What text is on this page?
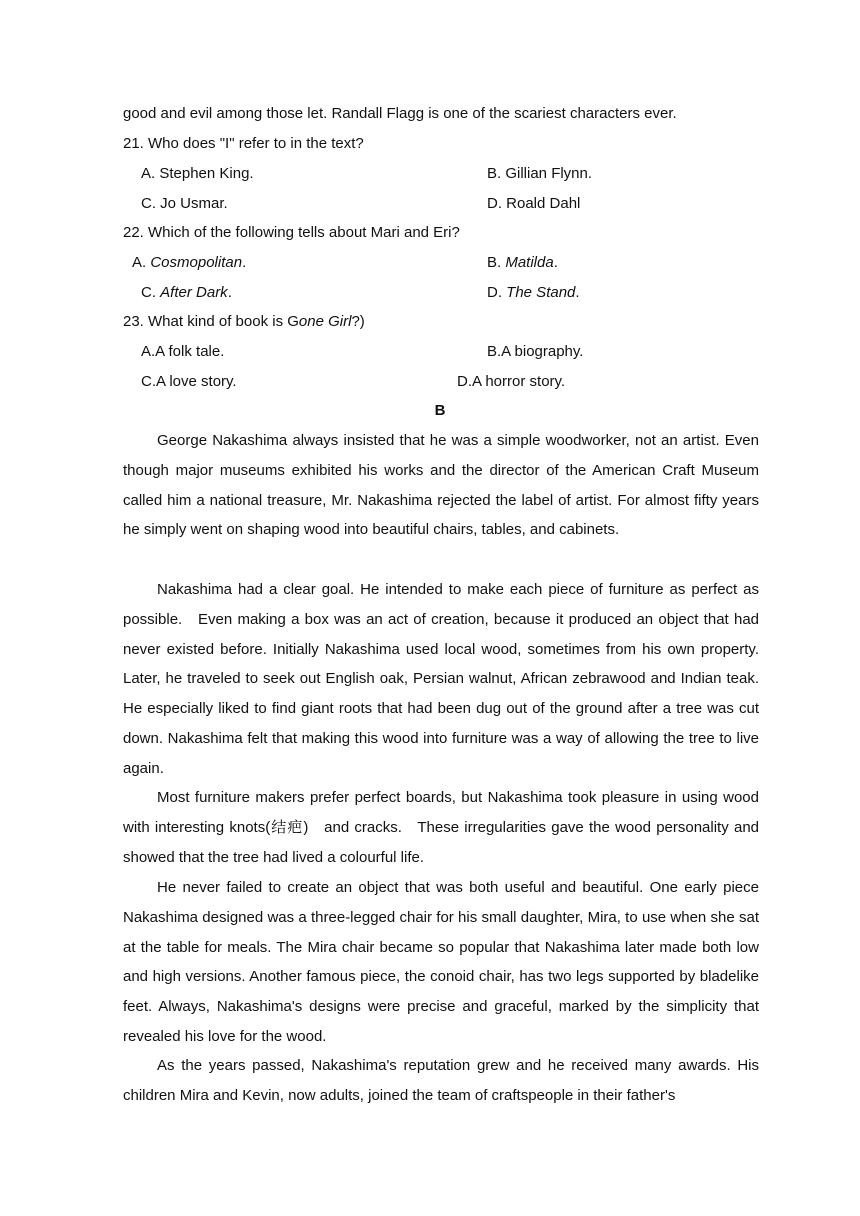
good and evil among those let. Randall Flagg is one of the scariest characters ever.
21. Who does "I" refer to in the text?
A. Stephen King.	B. Gillian Flynn.
C. Jo Usmar.	D. Roald Dahl
22. Which of the following tells about Mari and Eri?
A. Cosmopolitan.	B. Matilda.
C. After Dark.	D. The Stand.
23. What kind of book is Gone Girl?)
A.A folk tale.	B.A biography.
C.A love story.	D.A horror story.
B

George Nakashima always insisted that he was a simple woodworker, not an artist. Even though major museums exhibited his works and the director of the American Craft Museum called him a national treasure, Mr. Nakashima rejected the label of artist. For almost fifty years he simply went on shaping wood into beautiful chairs, tables, and cabinets.

Nakashima had a clear goal. He intended to make each piece of furniture as perfect as possible.   Even making a box was an act of creation, because it produced an object that had never existed before. Initially Nakashima used local wood, sometimes from his own property. Later, he traveled to seek out English oak, Persian walnut, African zebrawood and Indian teak. He especially liked to find giant roots that had been dug out of the ground after a tree was cut down. Nakashima felt that making this wood into furniture was a way of allowing the tree to live again.

Most furniture makers prefer perfect boards, but Nakashima took pleasure in using wood with interesting knots(结疤)   and cracks.   These irregularities gave the wood personality and showed that the tree had lived a colourful life.

He never failed to create an object that was both useful and beautiful. One early piece Nakashima designed was a three-legged chair for his small daughter, Mira, to use when she sat at the table for meals. The Mira chair became so popular that Nakashima later made both low and high versions. Another famous piece, the conoid chair, has two legs supported by bladelike feet. Always, Nakashima's designs were precise and graceful, marked by the simplicity that revealed his love for the wood.

As the years passed, Nakashima's reputation grew and he received many awards. His children Mira and Kevin, now adults, joined the team of craftspeople in their father's
